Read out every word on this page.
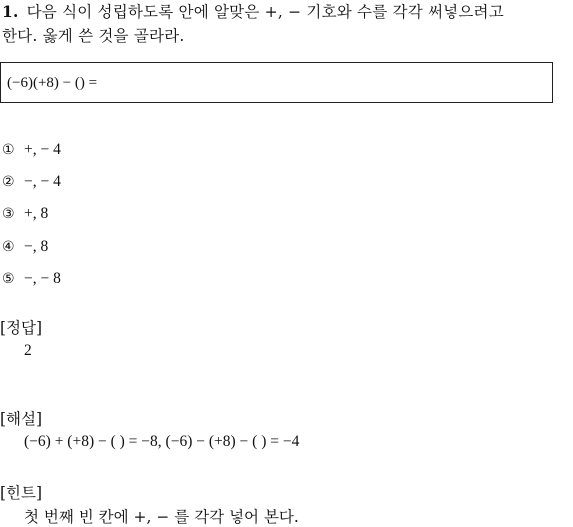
1. 다음 식이 성립하도록 안에 알맞은 +, − 기호와 수를 각각 써넣으려고
한다. 옳게 쓴 것을 골라라.
(−6)(+8) − () =
① +, − 4
② −, − 4
③ +, 8
④ −, 8
⑤ −, − 8
[정답]
2
[해설]
(−6) + (+8) − ( ) = −8, (−6) − (+8) − ( ) = −4
[힌트]
첫 번째 빈 칸에 +, − 를 각각 넣어 본다.
